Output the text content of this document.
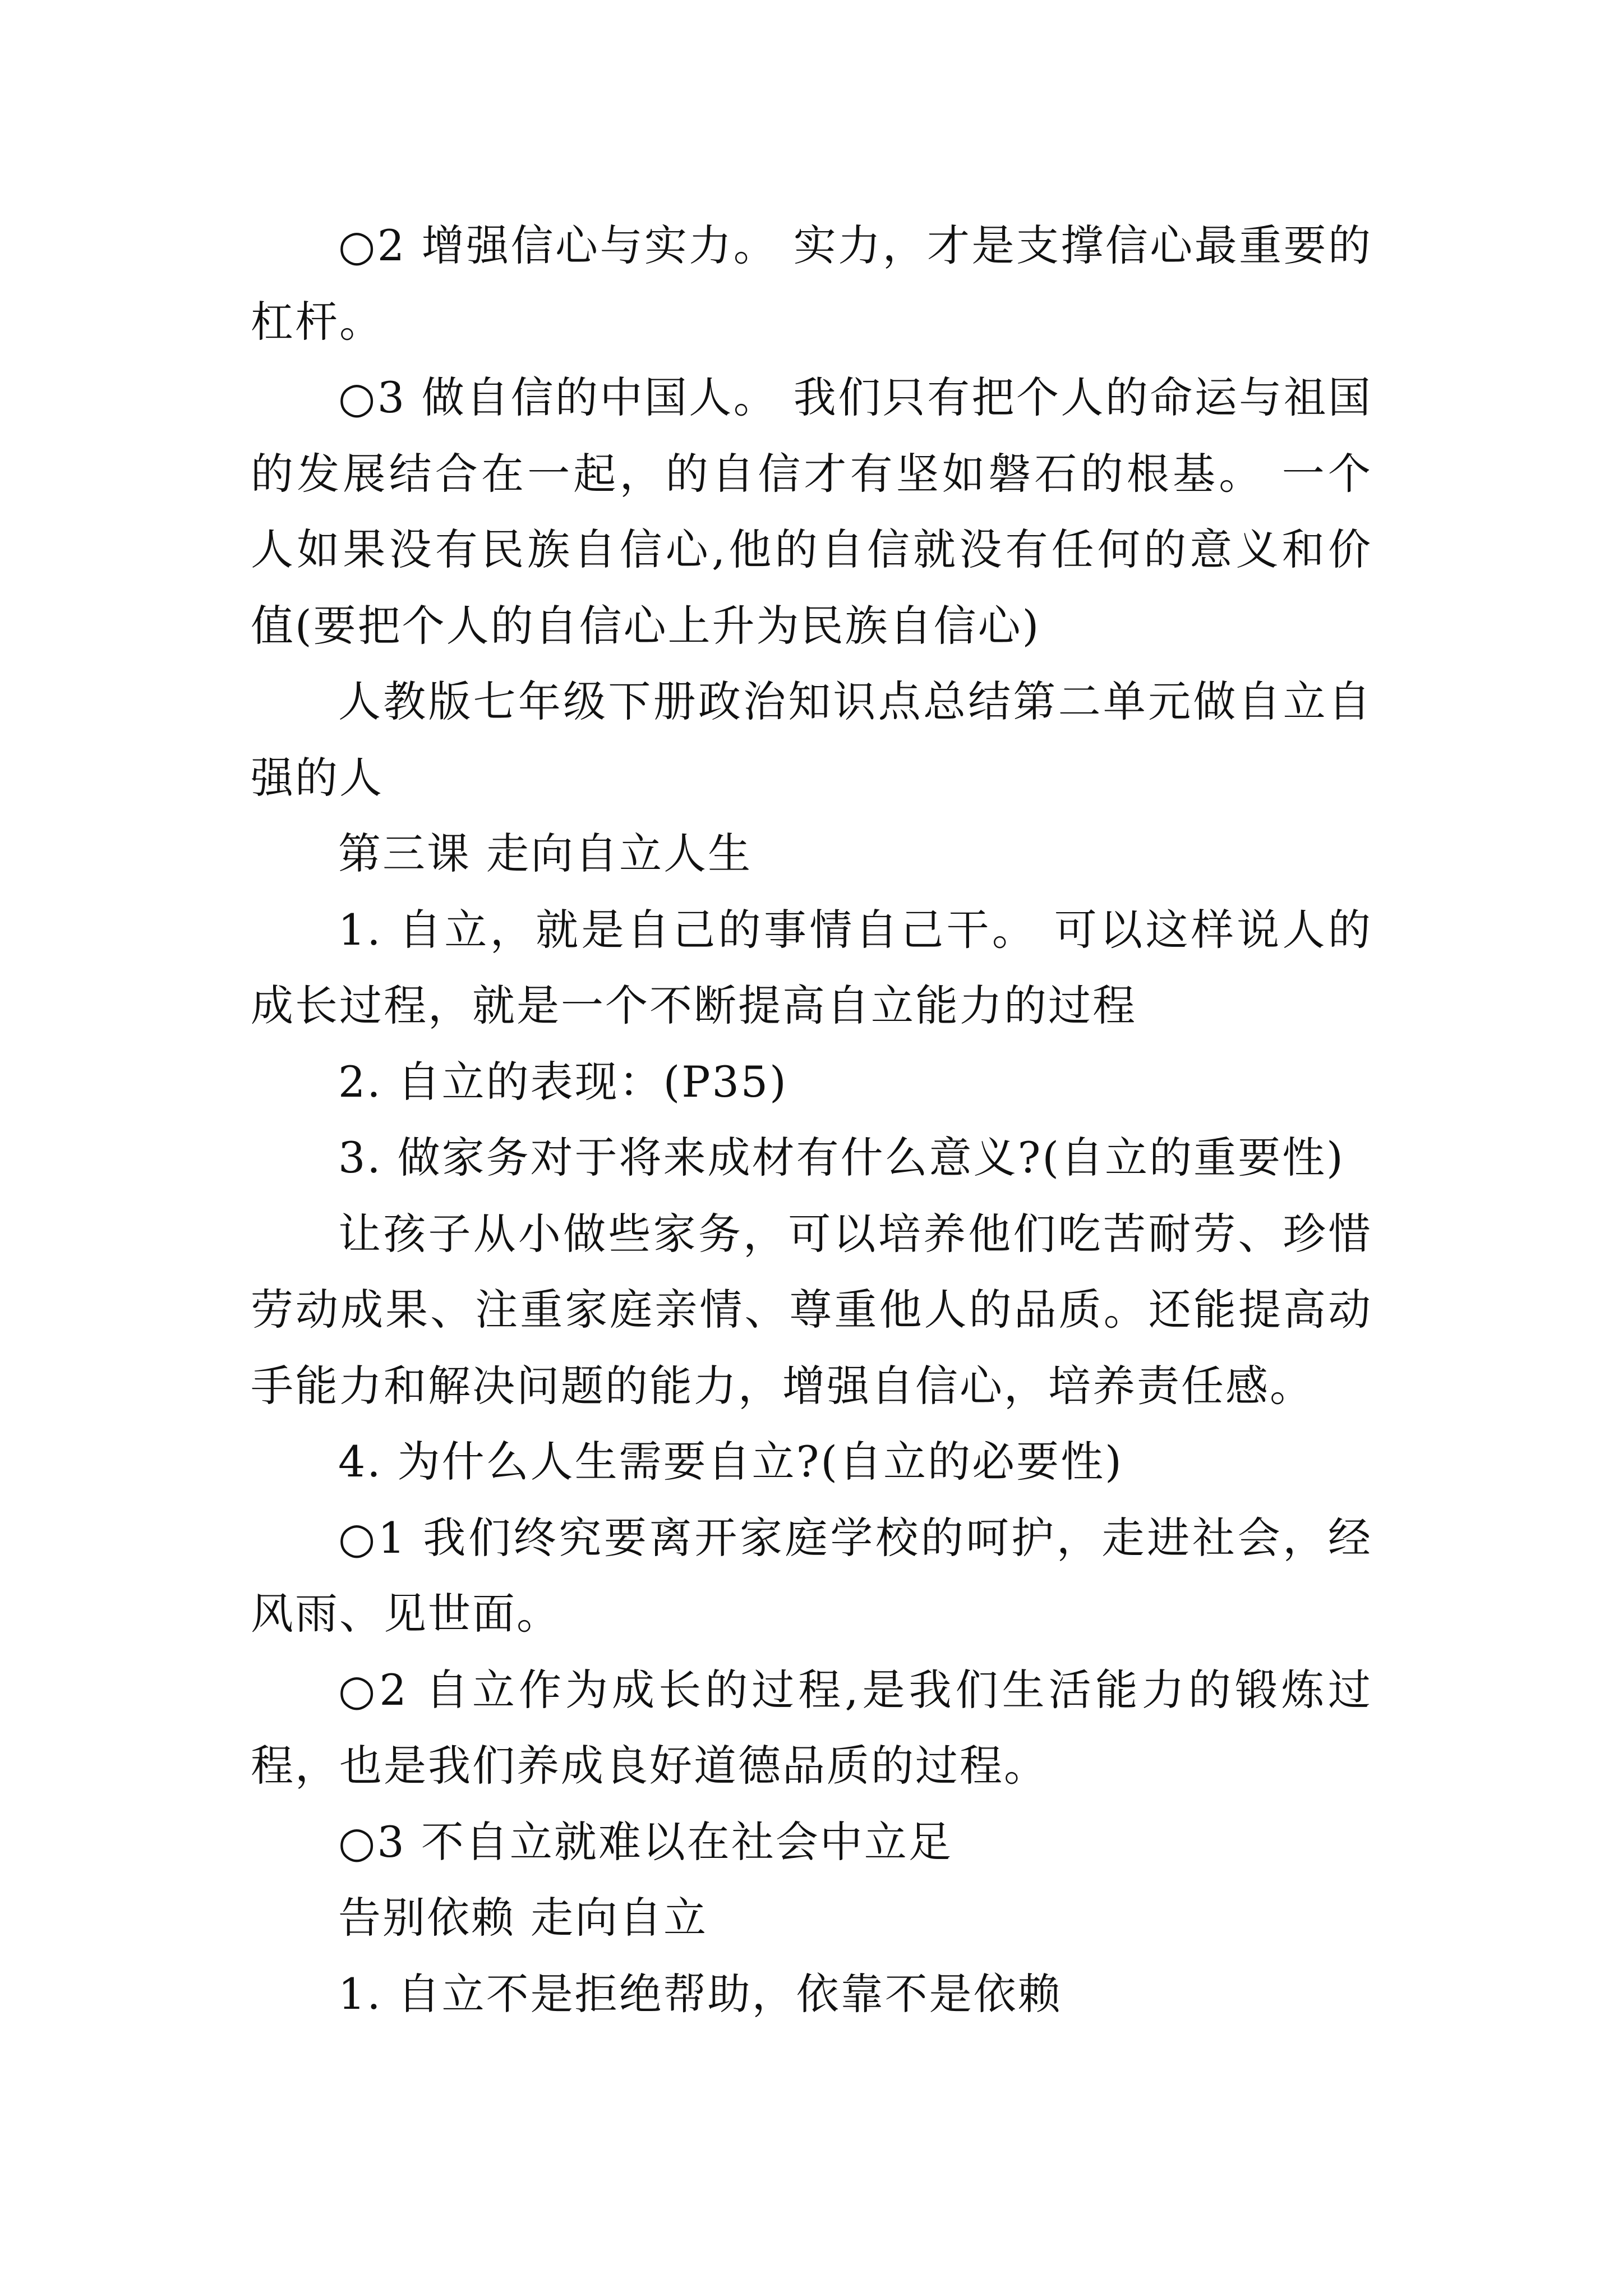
○2 增强信心与实力。 实力，才是支撑信心最重要的杠杆。

○3 做自信的中国人。 我们只有把个人的命运与祖国的发展结合在一起，的自信才有坚如磐石的根基。 一个人如果没有民族自信心,他的自信就没有任何的意义和价值(要把个人的自信心上升为民族自信心)

人教版七年级下册政治知识点总结第二单元做自立自强的人

第三课 走向自立人生

1. 自立，就是自己的事情自己干。 可以这样说人的成长过程，就是一个不断提高自立能力的过程

2. 自立的表现：(P35)

3. 做家务对于将来成材有什么意义?(自立的重要性)

让孩子从小做些家务，可以培养他们吃苦耐劳、珍惜劳动成果、注重家庭亲情、尊重他人的品质。还能提高动手能力和解决问题的能力，增强自信心，培养责任感。

4. 为什么人生需要自立?(自立的必要性)

○1 我们终究要离开家庭学校的呵护，走进社会，经风雨、见世面。

○2 自立作为成长的过程,是我们生活能力的锻炼过程，也是我们养成良好道德品质的过程。

○3 不自立就难以在社会中立足

告别依赖 走向自立

1. 自立不是拒绝帮助，依靠不是依赖
